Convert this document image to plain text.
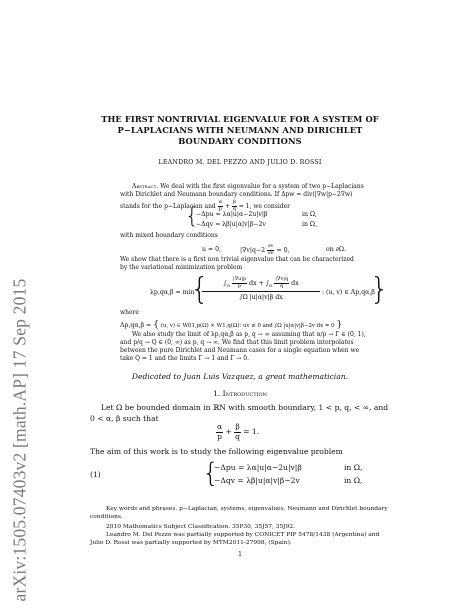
arXiv:1505.07403v2 [math.AP] 17 Sep 2015
THE FIRST NONTRIVIAL EIGENVALUE FOR A SYSTEM OF
P−LAPLACIANS WITH NEUMANN AND DIRICHLET
BOUNDARY CONDITIONS
LEANDRO M. DEL PEZZO AND JULIO D. ROSSI
Abstract. We deal with the first eigenvalue for a system of two p−Laplacians
with Dirichlet and Neumann boundary conditions. If Δpw = div(|∇w|p−2∇w)
stands for the p−Laplacian and $\frac{\alpha}{p} + \frac{\beta}{q} = 1$, we consider
{
−Δpu = λα|u|α−2u|v|β	in Ω,
−Δqv = λβ|u|α|v|β−2v	in Ω,
with mixed boundary conditions
u = 0,	$|\nabla v|q-2 \frac{\partial v}{\partial\nu} = 0$,	on ∂Ω.
We show that there is a first non trivial eigenvalue that can be characterized
by the variational minimization problem
λp,qα,β = min
{
$\frac{\int_\Omega \frac{|\nabla u|p}{p} dx + \int_\Omega \frac{|\nabla v|q}{q} dx}{\text{∫Ω |u|α|v|β dx}}$ : (u, v) ∈ Ap,qα,β
}
where
Ap,qα,β = { (u, v) ∈ W01,p(Ω) × W1,q(Ω): uv ≢ 0 and ∫Ω |u|α|v|β−2v dx = 0 }
We also study the limit of λp,qα,β as p, q → ∞ assuming that α/p → Γ ∈ (0, 1),
and p/q → Q ∈ (0, ∞) as p, q → ∞. We find that this limit problem interpolates
between the pure Dirichlet and Neumann cases for a single equation when we
take Q = 1 and the limits Γ → 1 and Γ → 0.
Dedicated to Juan Luis Vazquez, a great mathematician.
1. Introduction
Let Ω be bounded domain in ℝN with smooth boundary, 1 < p, q, < ∞, and
0 < α, β such that
$\frac{\alpha}{p} + \frac{\beta}{q} = 1$.
The aim of this work is to study the following eigenvalue problem
(1)	{
−Δpu = λα|u|α−2u|v|β	in Ω,
−Δqv = λβ|u|α|v|β−2v	in Ω,
Key words and phrases. p−Laplacian, systems, eigenvalues, Neumann and Dirichlet boundary conditions.
2010 Mathematics Subject Classification. 35P30, 35J57, 35J92.
Leandro M. Del Pezzo was partially supported by CONICET PIP 5478/1438 (Argentina) and
Julio D. Rossi was partially supported by MTM2011-27998, (Spain).
1
